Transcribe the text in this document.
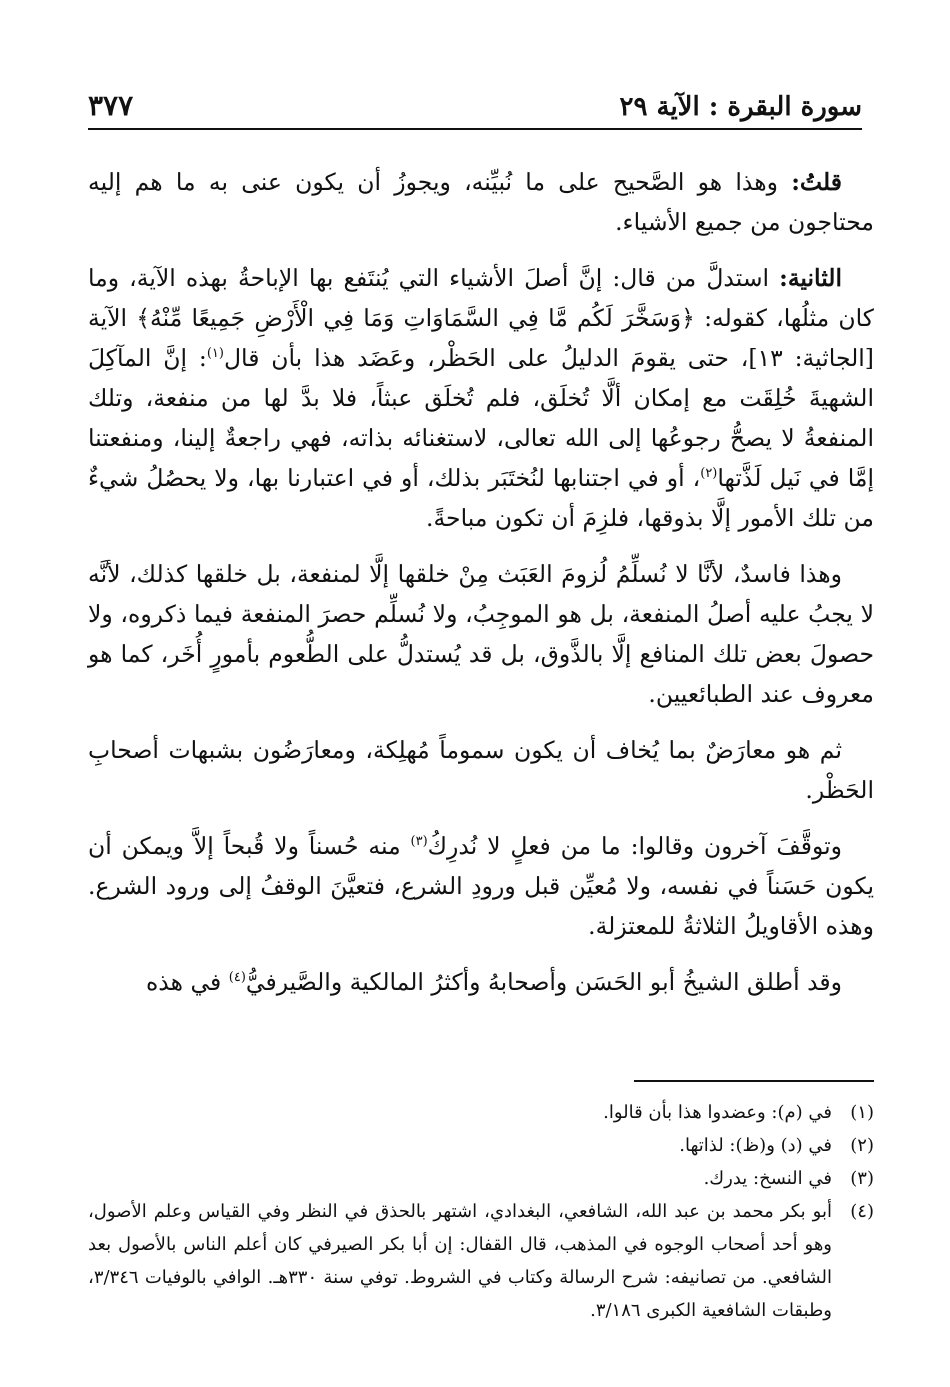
سورة البقرة : الآية ٢٩
٣٧٧

قلتُ: وهذا هو الصَّحيح على ما نُبيِّنه، ويجوزُ أن يكون عنى به ما هم إليه محتاجون من جميع الأشياء.

الثانية: استدلَّ من قال: إنَّ أصلَ الأشياء التي يُنتَفع بها الإباحةُ بهذه الآية، وما كان مثلُها، كقوله: ﴿وَسَخَّرَ لَكُم مَّا فِي السَّمَاوَاتِ وَمَا فِي الْأَرْضِ جَمِيعًا مِّنْهُ﴾ الآية [الجاثية: ١٣]، حتى يقومَ الدليلُ على الحَظْر، وعَضَد هذا بأن قال$^{(١)}$: إنَّ المآكِلَ الشهيةَ خُلِقَت مع إمكان ألَّا تُخلَق، فلم تُخلَق عبثاً، فلا بدَّ لها من منفعة، وتلك المنفعةُ لا يصحُّ رجوعُها إلى الله تعالى، لاستغنائه بذاته، فهي راجعةٌ إلينا، ومنفعتنا إمَّا في نَيل لَذَّتها$^{(٢)}$، أو في اجتنابها لنُختَبَر بذلك، أو في اعتبارنا بها، ولا يحصُلُ شيءٌ من تلك الأمور إلَّا بذوقها، فلزِمَ أن تكون مباحةً.

وهذا فاسدٌ، لأنَّا لا نُسلِّمُ لُزومَ العَبَث مِنْ خلقها إلَّا لمنفعة، بل خلقها كذلك، لأنَّه لا يجبُ عليه أصلُ المنفعة، بل هو الموجِبُ، ولا نُسلِّم حصرَ المنفعة فيما ذكروه، ولا حصولَ بعض تلك المنافع إلَّا بالذَّوق، بل قد يُستدلُّ على الطُّعوم بأمورٍ أُخَر، كما هو معروف عند الطبائعيين.

ثم هو معارَضٌ بما يُخاف أن يكون سموماً مُهلِكة، ومعارَضُون بشبهات أصحابِ الحَظْر.

وتوقَّفَ آخرون وقالوا: ما من فعلٍ لا نُدرِكُ$^{(٣)}$ منه حُسناً ولا قُبحاً إلاَّ ويمكن أن يكون حَسَناً في نفسه، ولا مُعيِّن قبل ورودِ الشرع، فتعيَّنَ الوقفُ إلى ورود الشرع. وهذه الأقاويلُ الثلاثةُ للمعتزلة.

وقد أطلق الشيخُ أبو الحَسَن وأصحابهُ وأكثرُ المالكية والصَّيرفيُّ$^{(٤)}$ في هذه

(١)
في (م): وعضدوا هذا بأن قالوا.
(٢)
في (د) و(ظ): لذاتها.
(٣)
في النسخ: يدرك.
(٤)
أبو بكر محمد بن عبد الله، الشافعي، البغدادي، اشتهر بالحذق في النظر وفي القياس وعلم الأصول، وهو أحد أصحاب الوجوه في المذهب، قال القفال: إن أبا بكر الصيرفي كان أعلم الناس بالأصول بعد الشافعي. من تصانيفه: شرح الرسالة وكتاب في الشروط. توفي سنة ٣٣٠هـ. الوافي بالوفيات ٣/٣٤٦، وطبقات الشافعية الكبرى ٣/١٨٦.
